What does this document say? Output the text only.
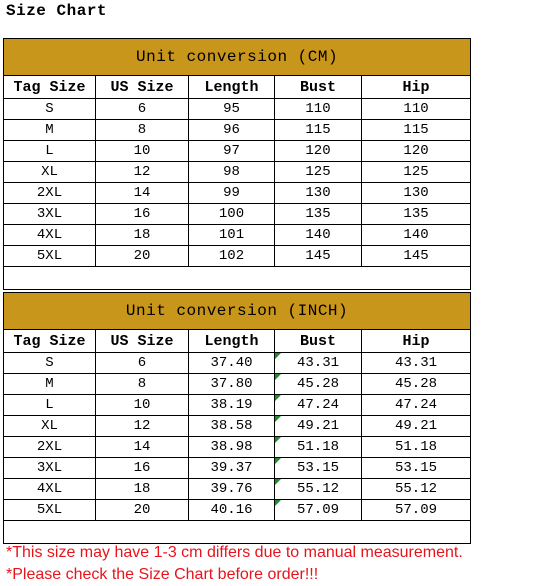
Size Chart
Unit conversion (CM)				
Tag Size	US Size	Length	Bust	Hip
S	6	95	110	110
M	8	96	115	115
L	10	97	120	120
XL	12	98	125	125
2XL	14	99	130	130
3XL	16	100	135	135
4XL	18	101	140	140
5XL	20	102	145	145

Unit conversion (INCH)				
Tag Size	US Size	Length	Bust	Hip
S	6	37.40	43.31	43.31
M	8	37.80	45.28	45.28
L	10	38.19	47.24	47.24
XL	12	38.58	49.21	49.21
2XL	14	38.98	51.18	51.18
3XL	16	39.37	53.15	53.15
4XL	18	39.76	55.12	55.12
5XL	20	40.16	57.09	57.09

*This size may have 1-3 cm differs due to manual measurement.
*Please check the Size Chart before order!!!
